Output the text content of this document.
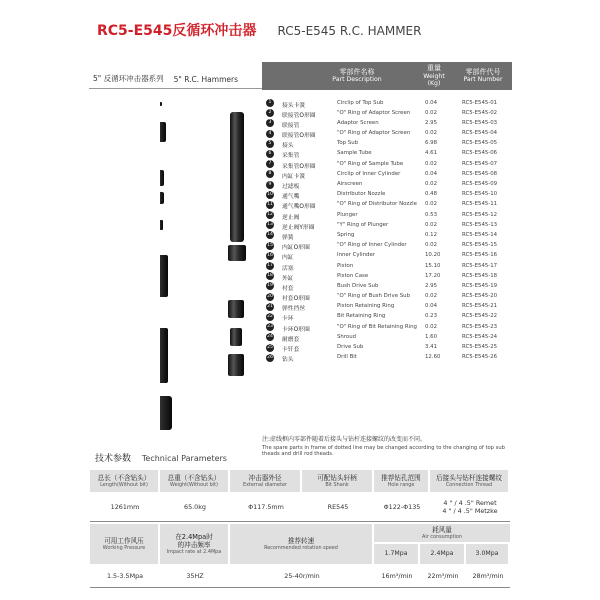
RC5-E545反循环冲击器 RC5-E545 R.C. HAMMER
5" 反循环冲击器系列 5" R.C. Hammers
零部件名称
Part Description
重量
Weight
(Kg)
零部件代号
Part Number
1	接头卡簧	Circlip of Top Sub	0.04	RC5-E545-01
2	联接管O形圈	"O" Ring of Adaptor Screen	0.02	RC5-E545-02
3	联接管	Adaptor Screen	2.95	RC5-E545-03
4	联接管O形圈	"O" Ring of Adaptor Screen	0.02	RC5-E545-04
5	接头	Top Sub	6.98	RC5-E545-05
6	采集管	Sample Tube	4.61	RC5-E545-06
7	采集管O形圈	"O" Ring of Sample Tube	0.02	RC5-E545-07
8	内缸卡簧	Circlip of Inner Cylinder	0.04	RC5-E545-08
9	过滤板	Airscreen	0.02	RC5-E545-09
10 通气嘴	Distributor Nozzle	0.48	RC5-E545-10
11 通气嘴O形圈	"O" Ring of Distributor Nozzle 0.02	RC5-E545-11
12 逆止阀	Plunger	0.53	RC5-E545-12
13 逆止阀Y形圈	"Y" Ring of Plunger	0.02	RC5-E545-13
14 弹簧	Spring	0.12	RC5-E545-14
15 内缸O形圈	"O" Ring of Inner Cylinder	0.02	RC5-E545-15
16 内缸	Inner Cylinder	10.20	RC5-E545-16
17 活塞	Piston	15.10	RC5-E545-17
18 外缸	Piston Case	17.20	RC5-E545-18
19 衬套	Bush Drive Sub	2.95	RC5-E545-19
20 衬套O形圈	"O" Ring of Bush Drive Sub	0.02	RC5-E545-20
21 弹性挡丝	Piston Retaining Ring	0.04	RC5-E545-21
22 卡环	Bit Retaining Ring	0.23	RC5-E545-22
23 卡环O形圈	"O" Ring of Bit Retaining Ring 0.02	RC5-E545-23
24 耐磨套	Shroud	1.60	RC5-E545-24
25 卡钎套	Drive Sub	3.41	RC5-E545-25
26 钻头	Drill Bit	12.60	RC5-E545-26
注:虚线框内零部件随着后接头与钻杆连接螺纹的改变而不同。
The spare parts in frame of dotted line may be changed according to the changing of top sub theads and drill rod theads.
技术参数 Technical Parameters
总长（不含钻头）
Length(Without bit)
总重（不含钻头）
Weight(Without bit)
冲击器外径
External diameter
可配钻头轩柄
Bit Shank
推荐钻孔范围
Hole range
后接头与钻杆连接螺纹
Connection Thread
1261mm	65.0kg	Φ117.5mm	RE545	Φ122-Φ135	4 " / 4 .5" Remet
4 " / 4 .5" Metzke
可用工作风压
Working Pressure
在2.4Mpa时
的冲击频率
Impact rate at 2.4Mpa
推荐转速
Recommended rotation speed
耗风量
Air consumption
1.7Mpa	2.4Mpa	3.0Mpa
1.5-3.5Mpa	35HZ	25-40r/min	16m³/min 22m³/min 28m³/min
